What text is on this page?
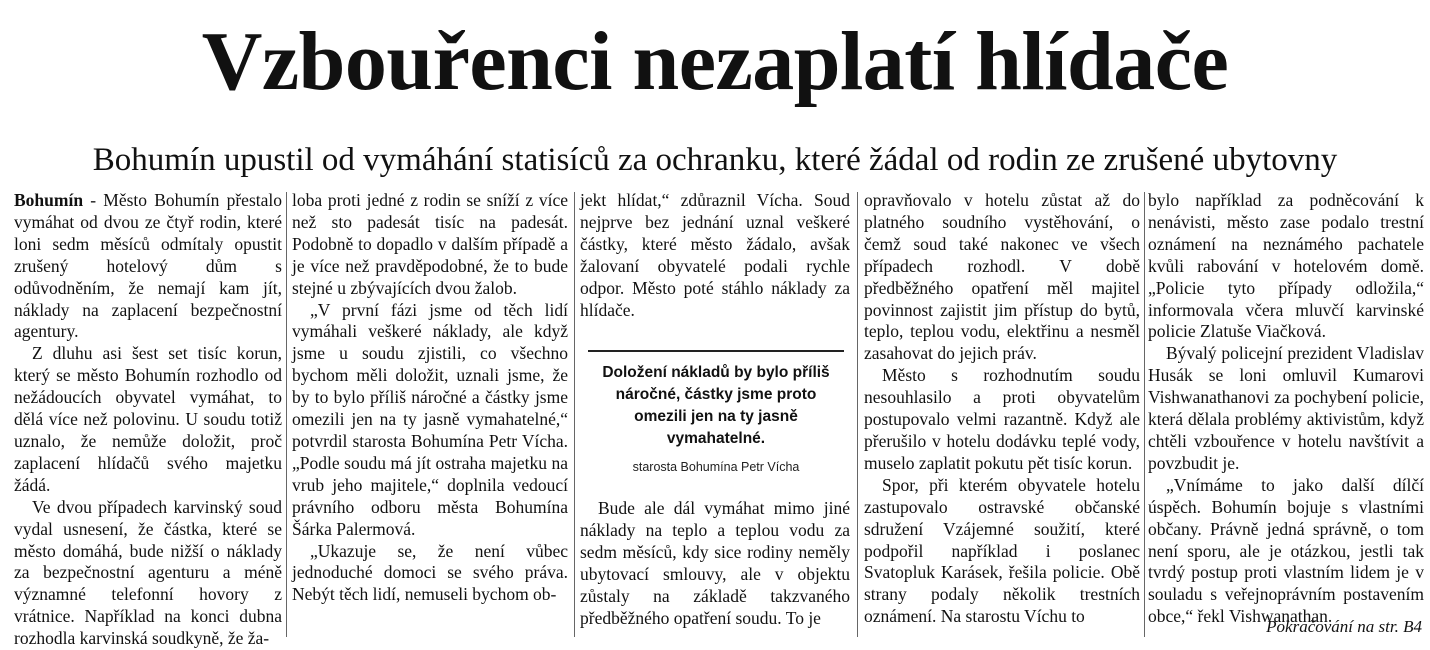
Vzbouřenci nezaplatí hlídače
Bohumín upustil od vymáhání statisíců za ochranku, které žádal od rodin ze zrušené ubytovny

Bohumín - Město Bohumín přestalo vymáhat od dvou ze čtyř rodin, které loni sedm měsíců odmítaly opustit zrušený hotelový dům s odůvodněním, že nemají kam jít, náklady na zaplacení bezpečnostní agentury.

Z dluhu asi šest set tisíc korun, který se město Bohumín rozhodlo od nežádoucích obyvatel vymáhat, to dělá více než polovinu. U soudu totiž uznalo, že nemůže doložit, proč zaplacení hlídačů svého majetku žádá.

Ve dvou případech karvinský soud vydal usnesení, že částka, které se město domáhá, bude nižší o náklady za bezpečnostní agenturu a méně významné telefonní hovory z vrátnice. Například na konci dubna rozhodla karvinská soudkyně, že ža-

loba proti jedné z rodin se sníží z více než sto padesát tisíc na padesát. Podobně to dopadlo v dalším případě a je více než pravděpodobné, že to bude stejné u zbývajících dvou žalob.

„V první fázi jsme od těch lidí vymáhali veškeré náklady, ale když jsme u soudu zjistili, co všechno bychom měli doložit, uznali jsme, že by to bylo příliš náročné a částky jsme omezili jen na ty jasně vymahatelné,“ potvrdil starosta Bohumína Petr Vícha. „Podle soudu má jít ostraha majetku na vrub jeho majitele,“ doplnila vedoucí právního odboru města Bohumína Šárka Palermová.

„Ukazuje se, že není vůbec jednoduché domoci se svého práva. Nebýt těch lidí, nemuseli bychom ob-

jekt hlídat,“ zdůraznil Vícha. Soud nejprve bez jednání uznal veškeré částky, které město žádalo, avšak žalovaní obyvatelé podali rychle odpor. Město poté stáhlo náklady za hlídače.

Doložení nákladů by bylo příliš náročné, částky jsme proto omezili jen na ty jasně vymahatelné.
starosta Bohumína Petr Vícha

Bude ale dál vymáhat mimo jiné náklady na teplo a teplou vodu za sedm měsíců, kdy sice rodiny neměly ubytovací smlouvy, ale v objektu zůstaly na základě takzvaného předběžného opatření soudu. To je

opravňovalo v hotelu zůstat až do platného soudního vystěhování, o čemž soud také nakonec ve všech případech rozhodl. V době předběžného opatření měl majitel povinnost zajistit jim přístup do bytů, teplo, teplou vodu, elektřinu a nesměl zasahovat do jejich práv.

Město s rozhodnutím soudu nesouhlasilo a proti obyvatelům postupovalo velmi razantně. Když ale přerušilo v hotelu dodávku teplé vody, muselo zaplatit pokutu pět tisíc korun.

Spor, při kterém obyvatele hotelu zastupovalo ostravské občanské sdružení Vzájemné soužití, které podpořil například i poslanec Svatopluk Karásek, řešila policie. Obě strany podaly několik trestních oznámení. Na starostu Víchu to

bylo například za podněcování k nenávisti, město zase podalo trestní oznámení na neznámého pachatele kvůli rabování v hotelovém domě. „Policie tyto případy odložila,“ informovala včera mluvčí karvinské policie Zlatuše Viačková.

Bývalý policejní prezident Vladislav Husák se loni omluvil Kumarovi Vishwanathanovi za pochybení policie, která dělala problémy aktivistům, když chtěli vzbouřence v hotelu navštívit a povzbudit je.

„Vnímáme to jako další dílčí úspěch. Bohumín bojuje s vlastními občany. Právně jedná správně, o tom není sporu, ale je otázkou, jestli tak tvrdý postup proti vlastním lidem je v souladu s veřejnoprávním postavením obce,“ řekl Vishwanathan.

Pokračování na str. B4
